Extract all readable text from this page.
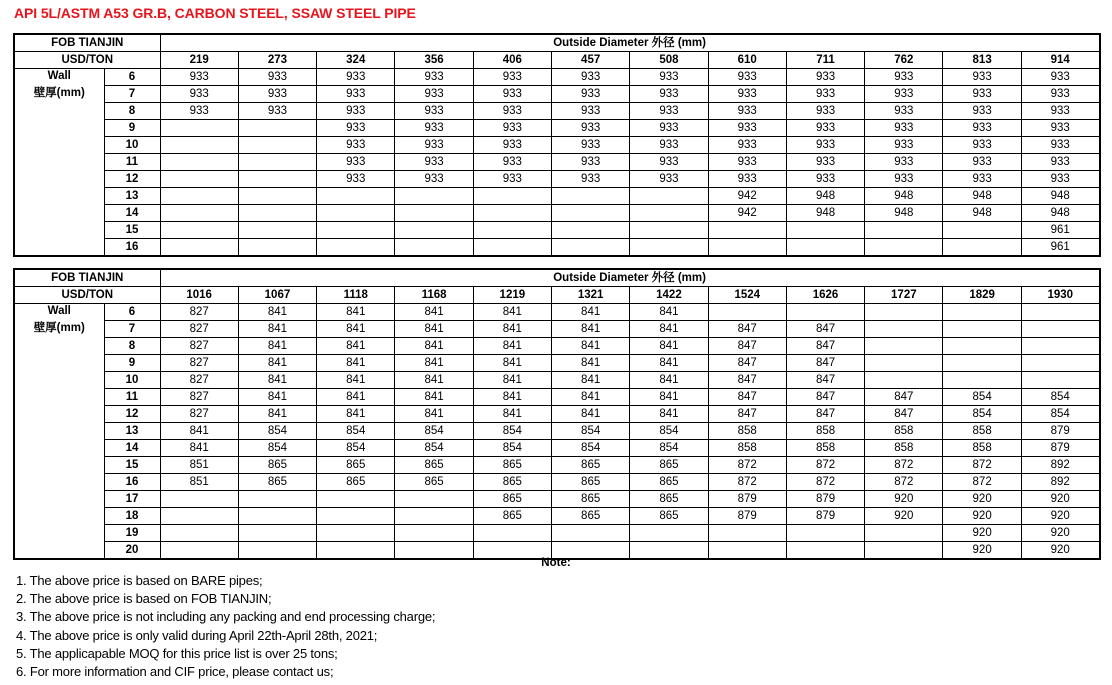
API 5L/ASTM A53 GR.B, CARBON STEEL, SSAW STEEL PIPE
FOB TIANJIN		Outside Diameter 外径 (mm)											
USD/TON		219	273	324	356	406	457	508	610	711	762	813	914

Wall
壁厚(mm)	6	933	933	933	933	933	933	933	933	933	933	933	933
	7	933	933	933	933	933	933	933	933	933	933	933	933
	8	933	933	933	933	933	933	933	933	933	933	933	933
	9			933	933	933	933	933	933	933	933	933	933
	10			933	933	933	933	933	933	933	933	933	933
	11			933	933	933	933	933	933	933	933	933	933
	12			933	933	933	933	933	933	933	933	933	933
	13								942	948	948	948	948
	14								942	948	948	948	948
	15												961
	16												961
FOB TIANJIN		Outside Diameter 外径 (mm)											
USD/TON		1016	1067	1118	1168	1219	1321	1422	1524	1626	1727	1829	1930

Wall
壁厚(mm)	6	827	841	841	841	841	841	841					
	7	827	841	841	841	841	841	841	847	847			
	8	827	841	841	841	841	841	841	847	847			
	9	827	841	841	841	841	841	841	847	847			
	10	827	841	841	841	841	841	841	847	847			
	11	827	841	841	841	841	841	841	847	847	847	854	854
	12	827	841	841	841	841	841	841	847	847	847	854	854
	13	841	854	854	854	854	854	854	858	858	858	858	879
	14	841	854	854	854	854	854	854	858	858	858	858	879
	15	851	865	865	865	865	865	865	872	872	872	872	892
	16	851	865	865	865	865	865	865	872	872	872	872	892
	17					865	865	865	879	879	920	920	920
	18					865	865	865	879	879	920	920	920
	19											920	920
	20											920	920
Note:
1. The above price is based on BARE pipes;
2. The above price is based on FOB TIANJIN;
3. The above price is not including any packing and end processing charge;
4. The above price is only valid during April 22th-April 28th, 2021;
5. The applicapable MOQ for this price list is over 25 tons;
6. For more information and CIF price, please contact us;
